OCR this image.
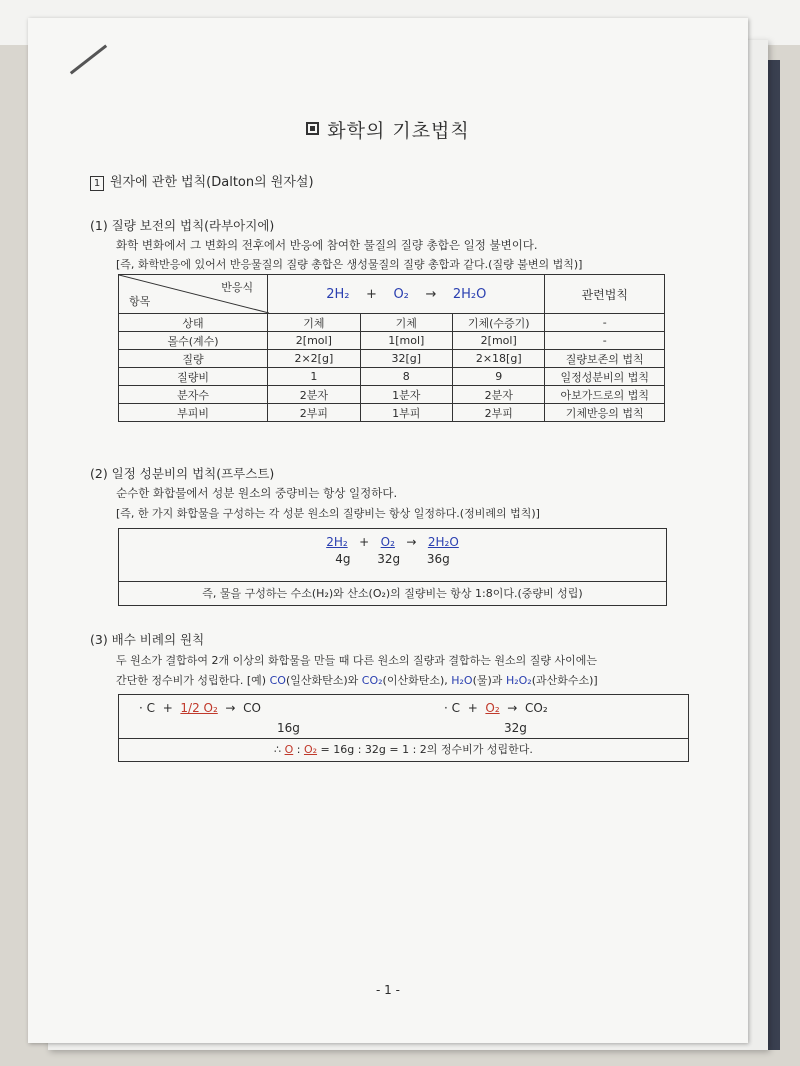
화학의 기초법칙
1 원자에 관한 법칙(Dalton의 원자설)
(1) 질량 보전의 법칙(라부아지에)
화학 변화에서 그 변화의 전후에서 반응에 참여한 물질의 질량 총합은 일정 불변이다.
[즉, 화학반응에 있어서 반응물질의 질량 총합은 생성물질의 질량 총합과 같다.(질량 불변의 법칙)]
반응식
항목	2H₂ + O₂ → 2H₂O			관련법칙
상태	기체	기체	기체(수증기)	-
몰수(계수)	2[mol]	1[mol]	2[mol]	-
질량	2×2[g]	32[g]	2×18[g]	질량보존의 법칙
질량비	1	8	9	일정성분비의 법칙
분자수	2분자	1분자	2분자	아보가드로의 법칙
부피비	2부피	1부피	2부피	기체반응의 법칙
(2) 일정 성분비의 법칙(프루스트)
순수한 화합물에서 성분 원소의 중량비는 항상 일정하다.
[즉, 한 가지 화합물을 구성하는 각 성분 원소의 질량비는 항상 일정하다.(정비례의 법칙)]
2H₂ + O₂ → 2H₂O
4g 32g 36g
즉, 물을 구성하는 수소(H₂)와 산소(O₂)의 질량비는 항상 1:8이다.(중량비 성립)
(3) 배수 비례의 원칙
두 원소가 결합하여 2개 이상의 화합물을 만들 때 다른 원소의 질량과 결합하는 원소의 질량 사이에는
간단한 정수비가 성립한다. [예) CO(일산화탄소)와 CO₂(이산화탄소), H₂O(물)과 H₂O₂(과산화수소)]
· C + 1/2 O₂ → CO
16g
· C + O₂ → CO₂
32g
∴ O : O₂ = 16g : 32g = 1 : 2의 정수비가 성립한다.
- 1 -
